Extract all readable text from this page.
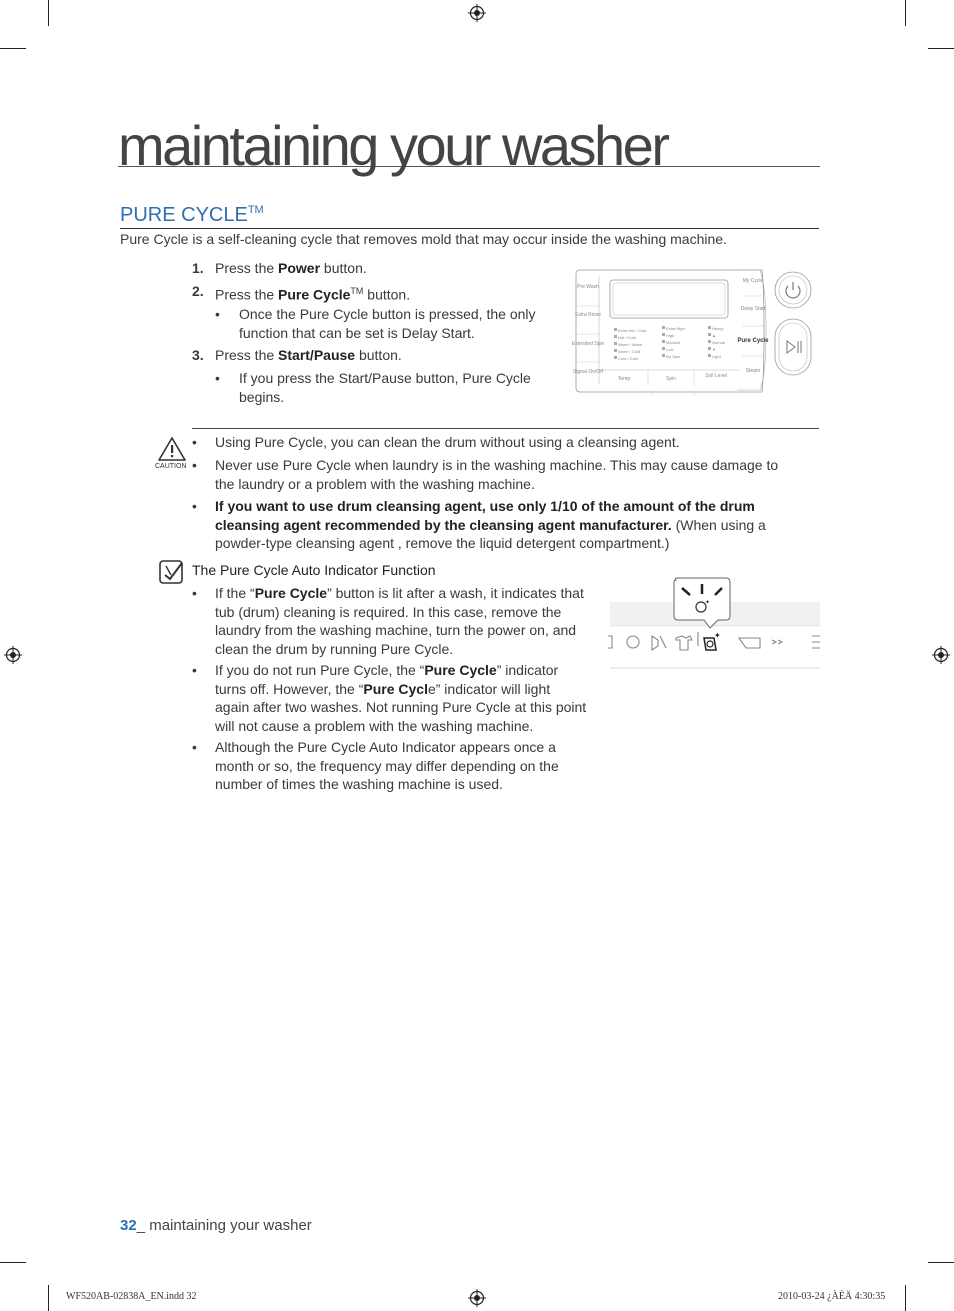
maintaining your washer
PURE CYCLE™
Pure Cycle is a self-cleaning cycle that removes mold that may occur inside the washing machine.
1. Press the Power button.
2. Press the Pure Cycle™ button.
• Once the Pure Cycle button is pressed, the only
function that can be set is Delay Start.
3. Press the Start/Pause button.
• If you press the Start/Pause button, Pure Cycle
begins.
Pre Wash
Extra Rinse
Extended Spin
Signal On/Off
My Cycle
Delay Start
Pure Cycle
Steam
Temp	Spin	Soil Level
Extra Hot / Cold
Hot / Cold
Warm / Warm
Warm / Cold
Cold / Cold
Extra High
High
Medium
Low
No Spin
Heavy
▲
Normal
▼
Light
♢	♢
CAUTION
• Using Pure Cycle, you can clean the drum without using a cleansing agent.
• Never use Pure Cycle when laundry is in the washing machine. This may cause damage to
the laundry or a problem with the washing machine.
• If you want to use drum cleansing agent, use only 1/10 of the amount of the drum
cleansing agent recommended by the cleansing agent manufacturer. (When using a
powder-type cleansing agent , remove the liquid detergent compartment.)
The Pure Cycle Auto Indicator Function
• If the “Pure Cycle” button is lit after a wash, it indicates that
tub (drum) cleaning is required. In this case, remove the
laundry from the washing machine, turn the power on, and
clean the drum by running Pure Cycle.
• If you do not run Pure Cycle, the “Pure Cycle” indicator
turns off. However, the “Pure Cycle” indicator will light
again after two washes. Not running Pure Cycle at this point
will not cause a problem with the washing machine.
• Although the Pure Cycle Auto Indicator appears once a
month or so, the frequency may differ depending on the
number of times the washing machine is used.
✦
✦
32_ maintaining your washer
WF520AB-02838A_EN.indd 32	2010-03-24 ¿ÀÈÄ 4:30:35
